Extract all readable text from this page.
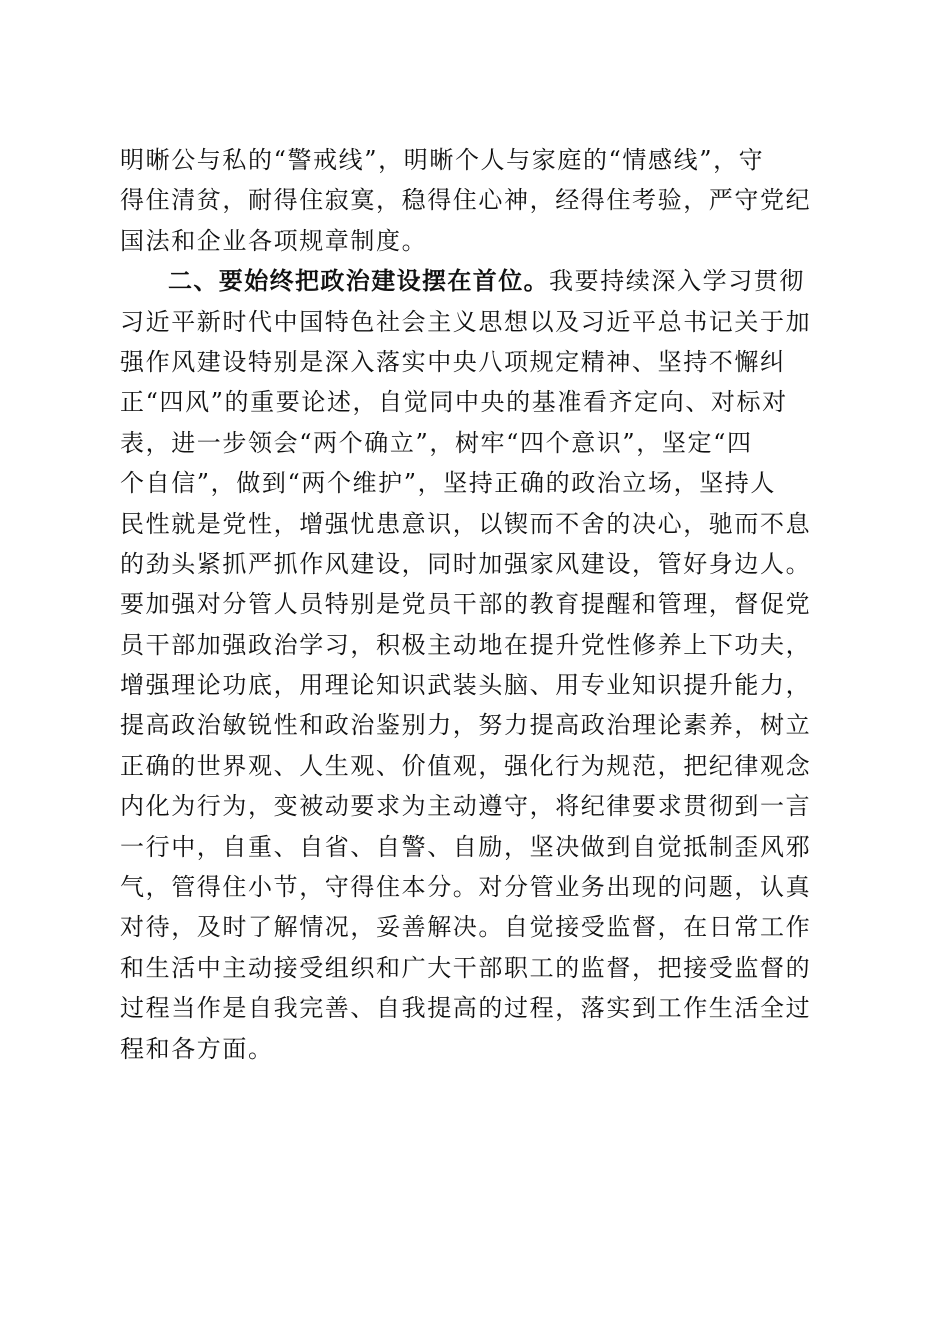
明晰公与私的“警戒线”，明晰个人与家庭的“情感线”，守
得住清贫，耐得住寂寞，稳得住心神，经得住考验，严守党纪
国法和企业各项规章制度。
二、要始终把政治建设摆在首位。我要持续深入学习贯彻
习近平新时代中国特色社会主义思想以及习近平总书记关于加
强作风建设特别是深入落实中央八项规定精神、坚持不懈纠
正“四风”的重要论述，自觉同中央的基准看齐定向、对标对
表，进一步领会“两个确立”，树牢“四个意识”，坚定“四
个自信”，做到“两个维护”，坚持正确的政治立场，坚持人
民性就是党性，增强忧患意识，以锲而不舍的决心，驰而不息
的劲头紧抓严抓作风建设，同时加强家风建设，管好身边人。
要加强对分管人员特别是党员干部的教育提醒和管理，督促党
员干部加强政治学习，积极主动地在提升党性修养上下功夫，
增强理论功底，用理论知识武装头脑、用专业知识提升能力，
提高政治敏锐性和政治鉴别力，努力提高政治理论素养，树立
正确的世界观、人生观、价值观，强化行为规范，把纪律观念
内化为行为，变被动要求为主动遵守，将纪律要求贯彻到一言
一行中，自重、自省、自警、自励，坚决做到自觉抵制歪风邪
气，管得住小节，守得住本分。对分管业务出现的问题，认真
对待，及时了解情况，妥善解决。自觉接受监督，在日常工作
和生活中主动接受组织和广大干部职工的监督，把接受监督的
过程当作是自我完善、自我提高的过程，落实到工作生活全过
程和各方面。
